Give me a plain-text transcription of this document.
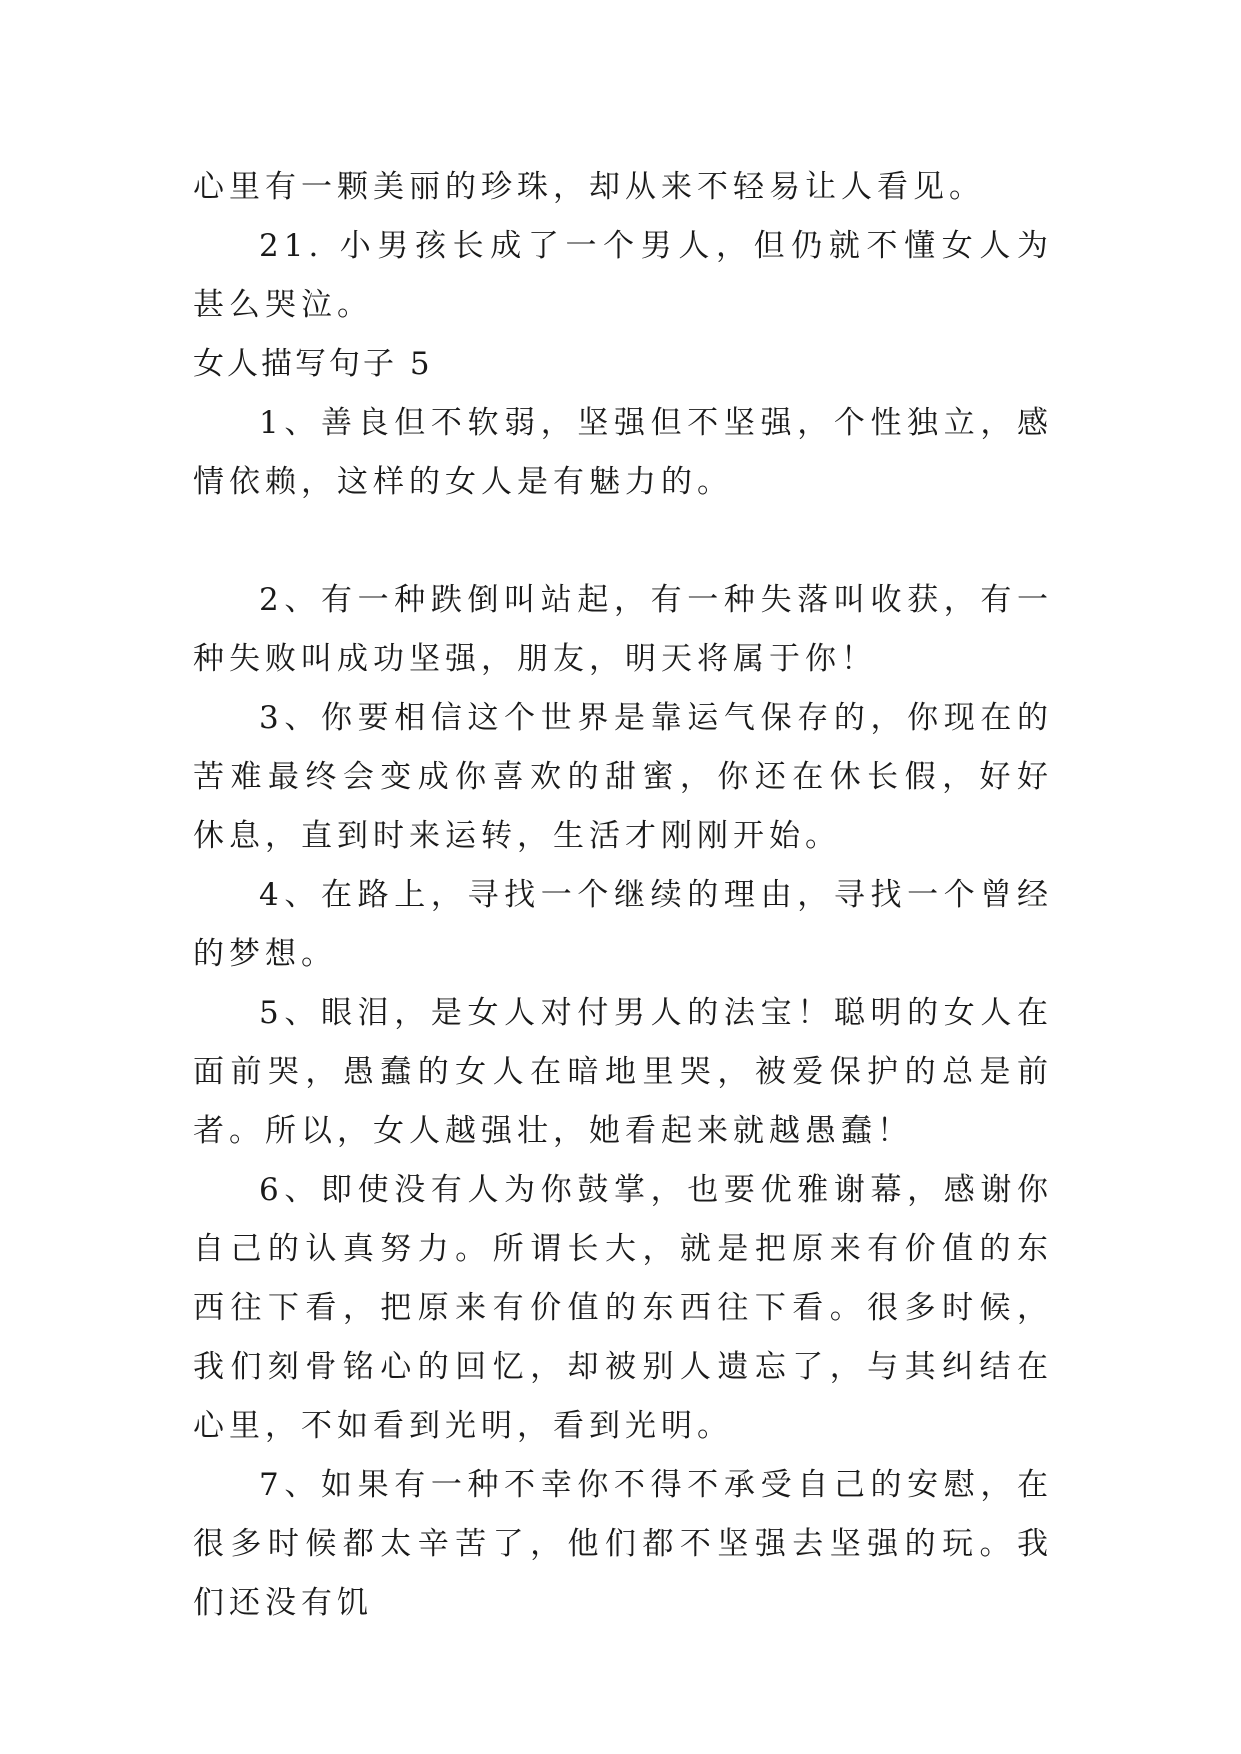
心里有一颗美丽的珍珠，却从来不轻易让人看见。

21. 小男孩长成了一个男人，但仍就不懂女人为甚么哭泣。

女人描写句子 5

1、善良但不软弱，坚强但不坚强，个性独立，感情依赖，这样的女人是有魅力的。

2、有一种跌倒叫站起，有一种失落叫收获，有一种失败叫成功坚强，朋友，明天将属于你！

3、你要相信这个世界是靠运气保存的，你现在的苦难最终会变成你喜欢的甜蜜，你还在休长假，好好休息，直到时来运转，生活才刚刚开始。

4、在路上，寻找一个继续的理由，寻找一个曾经的梦想。

5、眼泪，是女人对付男人的法宝！聪明的女人在面前哭，愚蠢的女人在暗地里哭，被爱保护的总是前者。所以，女人越强壮，她看起来就越愚蠢！

6、即使没有人为你鼓掌，也要优雅谢幕，感谢你自己的认真努力。所谓长大，就是把原来有价值的东西往下看，把原来有价值的东西往下看。很多时候，我们刻骨铭心的回忆，却被别人遗忘了，与其纠结在心里，不如看到光明，看到光明。

7、如果有一种不幸你不得不承受自己的安慰，在很多时候都太辛苦了，他们都不坚强去坚强的玩。我们还没有饥
